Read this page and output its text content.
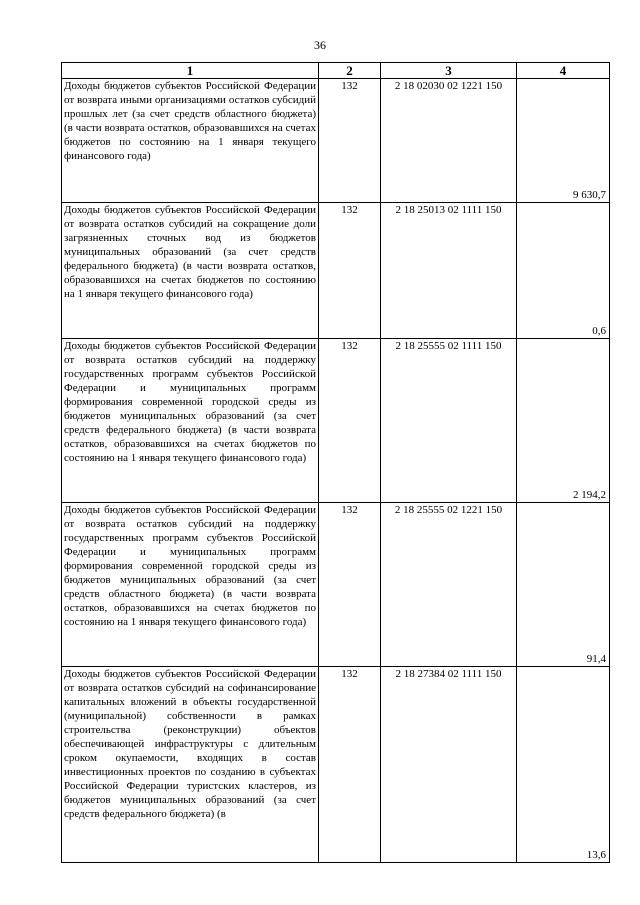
36
1	2	3	4

Доходы бюджетов субъектов Российской Федерации от возврата иными организациями остатков субсидий прошлых лет (за счет средств областного бюджета) (в части возврата остатков, образовавшихся на счетах бюджетов по состоянию на 1 января текущего финансового года)	132	2 18 02030 02 1221 150	9 630,7

Доходы бюджетов субъектов Российской Федерации от возврата остатков субсидий на сокращение доли загрязненных сточных вод из бюджетов муниципальных образований (за счет средств федерального бюджета) (в части возврата остатков, образовавшихся на счетах бюджетов по состоянию на 1 января текущего финансового года)	132	2 18 25013 02 1111 150	0,6

Доходы бюджетов субъектов Российской Федерации от возврата остатков субсидий на поддержку государственных программ субъектов Российской Федерации и муниципальных программ формирования современной городской среды из бюджетов муниципальных образований (за счет средств федерального бюджета) (в части возврата остатков, образовавшихся на счетах бюджетов по состоянию на 1 января текущего финансового года)	132	2 18 25555 02 1111 150	2 194,2

Доходы бюджетов субъектов Российской Федерации от возврата остатков субсидий на поддержку государственных программ субъектов Российской Федерации и муниципальных программ формирования современной городской среды из бюджетов муниципальных образований (за счет средств областного бюджета) (в части возврата остатков, образовавшихся на счетах бюджетов по состоянию на 1 января текущего финансового года)	132	2 18 25555 02 1221 150	91,4

Доходы бюджетов субъектов Российской Федерации от возврата остатков субсидий на софинансирование капитальных вложений в объекты государственной (муниципальной) собственности в рамках строительства (реконструкции) объектов обеспечивающей инфраструктуры с длительным сроком окупаемости, входящих в состав инвестиционных проектов по созданию в субъектах Российской Федерации туристских кластеров, из бюджетов муниципальных образований (за счет средств федерального бюджета) (в	132	2 18 27384 02 1111 150	13,6
